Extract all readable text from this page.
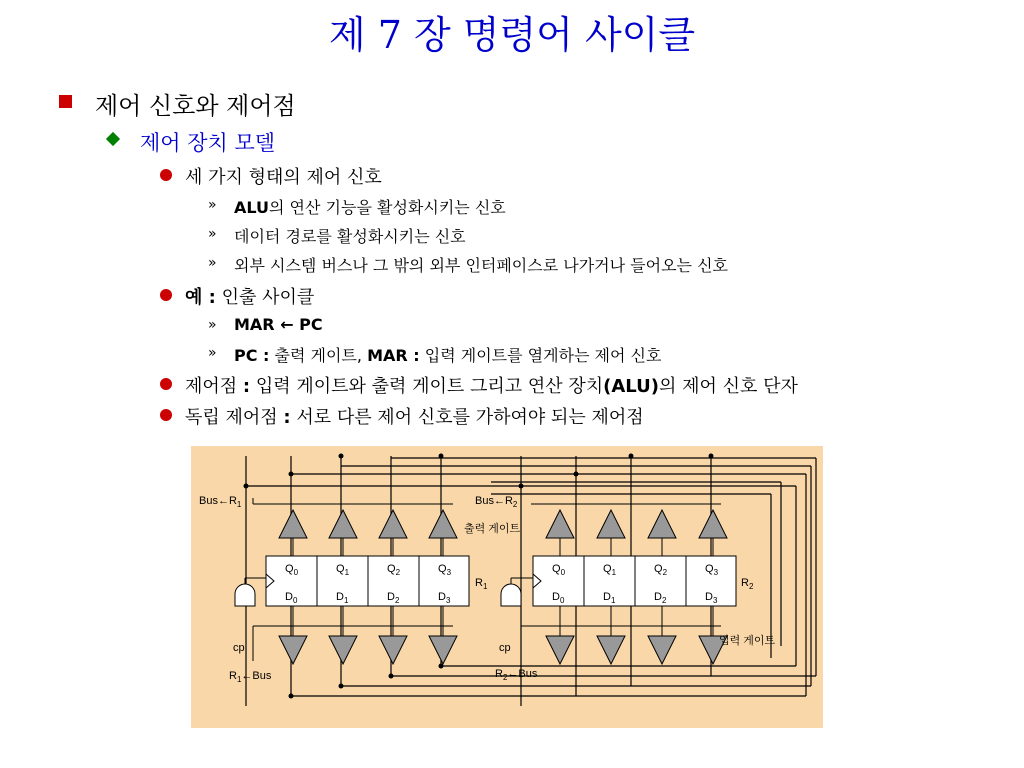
제 7 장 명령어 사이클
제어 신호와 제어점
제어 장치 모델
세 가지 형태의 제어 신호
» ALU의 연산 기능을 활성화시키는 신호
» 데이터 경로를 활성화시키는 신호
» 외부 시스템 버스나 그 밖의 외부 인터페이스로 나가거나 들어오는 신호
예 : 인출 사이클
» MAR ← PC
» PC : 출력 게이트, MAR : 입력 게이트를 열게하는 제어 신호
제어점 : 입력 게이트와 출력 게이트 그리고 연산 장치(ALU)의 제어 신호 단자
독립 제어점 : 서로 다른 제어 신호를 가하여야 되는 제어점
$Bus\leftarrow R_1$	$Bus\leftarrow R_2$
출력 게이트
입력 게이트
$Q_0$	$Q_1$	$Q_2$	$Q_3$
$D_0$	$D_1$	$D_2$	$D_3$
$Q_0$	$Q_1$	$Q_2$	$Q_3$
$D_0$	$D_1$	$D_2$	$D_3$
$R_1$	$R_2$
cp	cp
$R_1\leftarrow Bus$	$R_2\leftarrow Bus$
